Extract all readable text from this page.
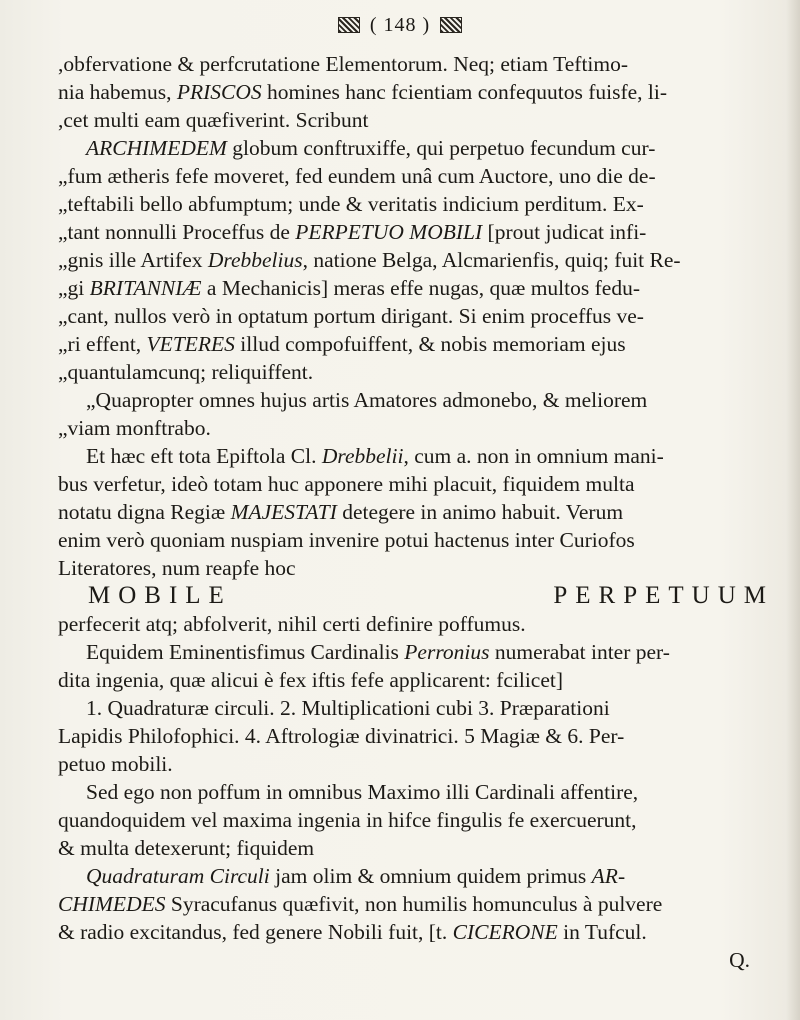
( 148 )
,obfervatione & perfcrutatione Elementorum. Neq; etiam Teftimo-
nia habemus, PRISCOS homines hanc fcientiam confequutos fuisfe, li-
,cet multi eam quæfiverint. Scribunt
ARCHIMEDEM globum conftruxiffe, qui perpetuo fecundum cur-
„fum ætheris fefe moveret, fed eundem unâ cum Auctore, uno die de-
„teftabili bello abfumptum; unde & veritatis indicium perditum. Ex-
„tant nonnulli Proceffus de PERPETUO MOBILI [prout judicat infi-
„gnis ille Artifex Drebbelius, natione Belga, Alcmarienfis, quiq; fuit Re-
„gi BRITANNIÆ a Mechanicis] meras effe nugas, quæ multos fedu-
„cant, nullos verò in optatum portum dirigant. Si enim proceffus ve-
„ri effent, VETERES illud compofuiffent, & nobis memoriam ejus
„quantulamcunq; reliquiffent.
„Quapropter omnes hujus artis Amatores admonebo, & meliorem
„viam monftrabo.
Et hæc eft tota Epiftola Cl. Drebbelii, cum a. non in omnium mani-
bus verfetur, ideò totam huc apponere mihi placuit, fiquidem multa
notatu digna Regiæ MAJESTATI detegere in animo habuit. Verum
enim verò quoniam nuspiam invenire potui hactenus inter Curiofos
Literatores, num reapfe hoc
MOBILE	PERPETUUM
perfecerit atq; abfolverit, nihil certi definire poffumus.
Equidem Eminentisfimus Cardinalis Perronius numerabat inter per-
dita ingenia, quæ alicui è fex iftis fefe applicarent: fcilicet]
1. Quadraturæ circuli. 2. Multiplicationi cubi 3. Præparationi
Lapidis Philofophici. 4. Aftrologiæ divinatrici. 5 Magiæ & 6. Per-
petuo mobili.
Sed ego non poffum in omnibus Maximo illi Cardinali affentire,
quandoquidem vel maxima ingenia in hifce fingulis fe exercuerunt,
& multa detexerunt; fiquidem
Quadraturam Circuli jam olim & omnium quidem primus AR-
CHIMEDES Syracufanus quæfivit, non humilis homunculus à pulvere
& radio excitandus, fed genere Nobili fuit, [t. CICERONE in Tufcul.
Q.
